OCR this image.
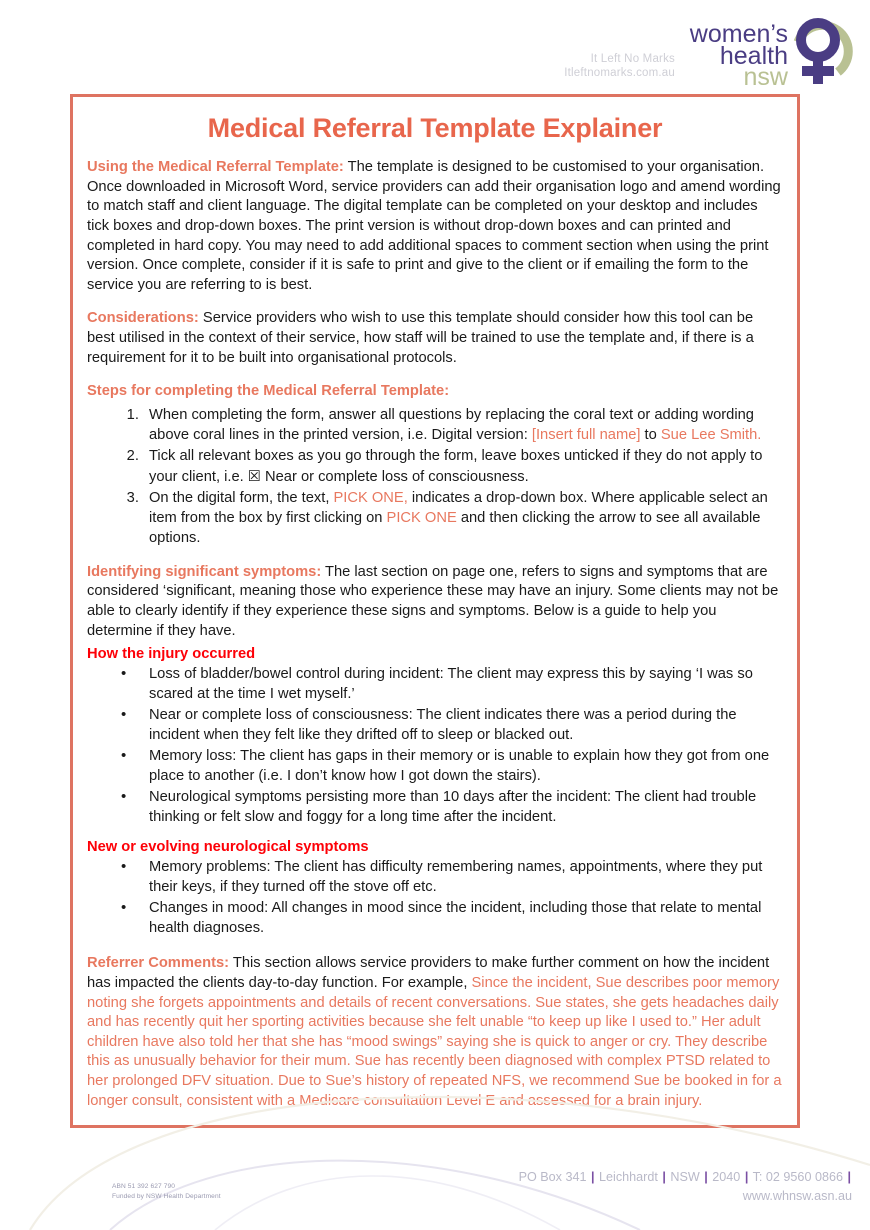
It Left No Marks
Itleftnomarks.com.au
women’s
health
nsw
Medical Referral Template Explainer

Using the Medical Referral Template: The template is designed to be customised to your organisation. Once downloaded in Microsoft Word, service providers can add their organisation logo and amend wording to match staff and client language. The digital template can be completed on your desktop and includes tick boxes and drop-down boxes. The print version is without drop-down boxes and can printed and completed in hard copy. You may need to add additional spaces to comment section when using the print version. Once complete, consider if it is safe to print and give to the client or if emailing the form to the service you are referring to is best.

Considerations: Service providers who wish to use this template should consider how this tool can be best utilised in the context of their service, how staff will be trained to use the template and, if there is a requirement for it to be built into organisational protocols.

Steps for completing the Medical Referral Template:

1. When completing the form, answer all questions by replacing the coral text or adding wording above coral lines in the printed version, i.e. Digital version: [Insert full name] to Sue Lee Smith.
2. Tick all relevant boxes as you go through the form, leave boxes unticked if they do not apply to your client, i.e. ☒ Near or complete loss of consciousness.
3. On the digital form, the text, PICK ONE, indicates a drop-down box. Where applicable select an item from the box by first clicking on PICK ONE and then clicking the arrow to see all available options.

Identifying significant symptoms: The last section on page one, refers to signs and symptoms that are considered ‘significant, meaning those who experience these may have an injury. Some clients may not be able to clearly identify if they experience these signs and symptoms. Below is a guide to help you determine if they have.

How the injury occurred
• Loss of bladder/bowel control during incident: The client may express this by saying ‘I was so scared at the time I wet myself.’
• Near or complete loss of consciousness: The client indicates there was a period during the incident when they felt like they drifted off to sleep or blacked out.
• Memory loss: The client has gaps in their memory or is unable to explain how they got from one place to another (i.e. I don’t know how I got down the stairs).
• Neurological symptoms persisting more than 10 days after the incident: The client had trouble thinking or felt slow and foggy for a long time after the incident.
New or evolving neurological symptoms
• Memory problems: The client has difficulty remembering names, appointments, where they put their keys, if they turned off the stove off etc.
• Changes in mood: All changes in mood since the incident, including those that relate to mental health diagnoses.

Referrer Comments: This section allows service providers to make further comment on how the incident has impacted the clients day-to-day function. For example, Since the incident, Sue describes poor memory noting she forgets appointments and details of recent conversations. Sue states, she gets headaches daily and has recently quit her sporting activities because she felt unable “to keep up like I used to.” Her adult children have also told her that she has “mood swings” saying she is quick to anger or cry. They describe this as unusually behavior for their mum. Sue has recently been diagnosed with complex PTSD related to her prolonged DFV situation. Due to Sue’s history of repeated NFS, we recommend Sue be booked in for a longer consult, consistent with a Medicare consultation Level E and assessed for a brain injury.

ABN 51 392 627 790
Funded by NSW Health Department
PO Box 341 | Leichhardt | NSW | 2040 | T: 02 9560 0866 |
www.whnsw.asn.au
